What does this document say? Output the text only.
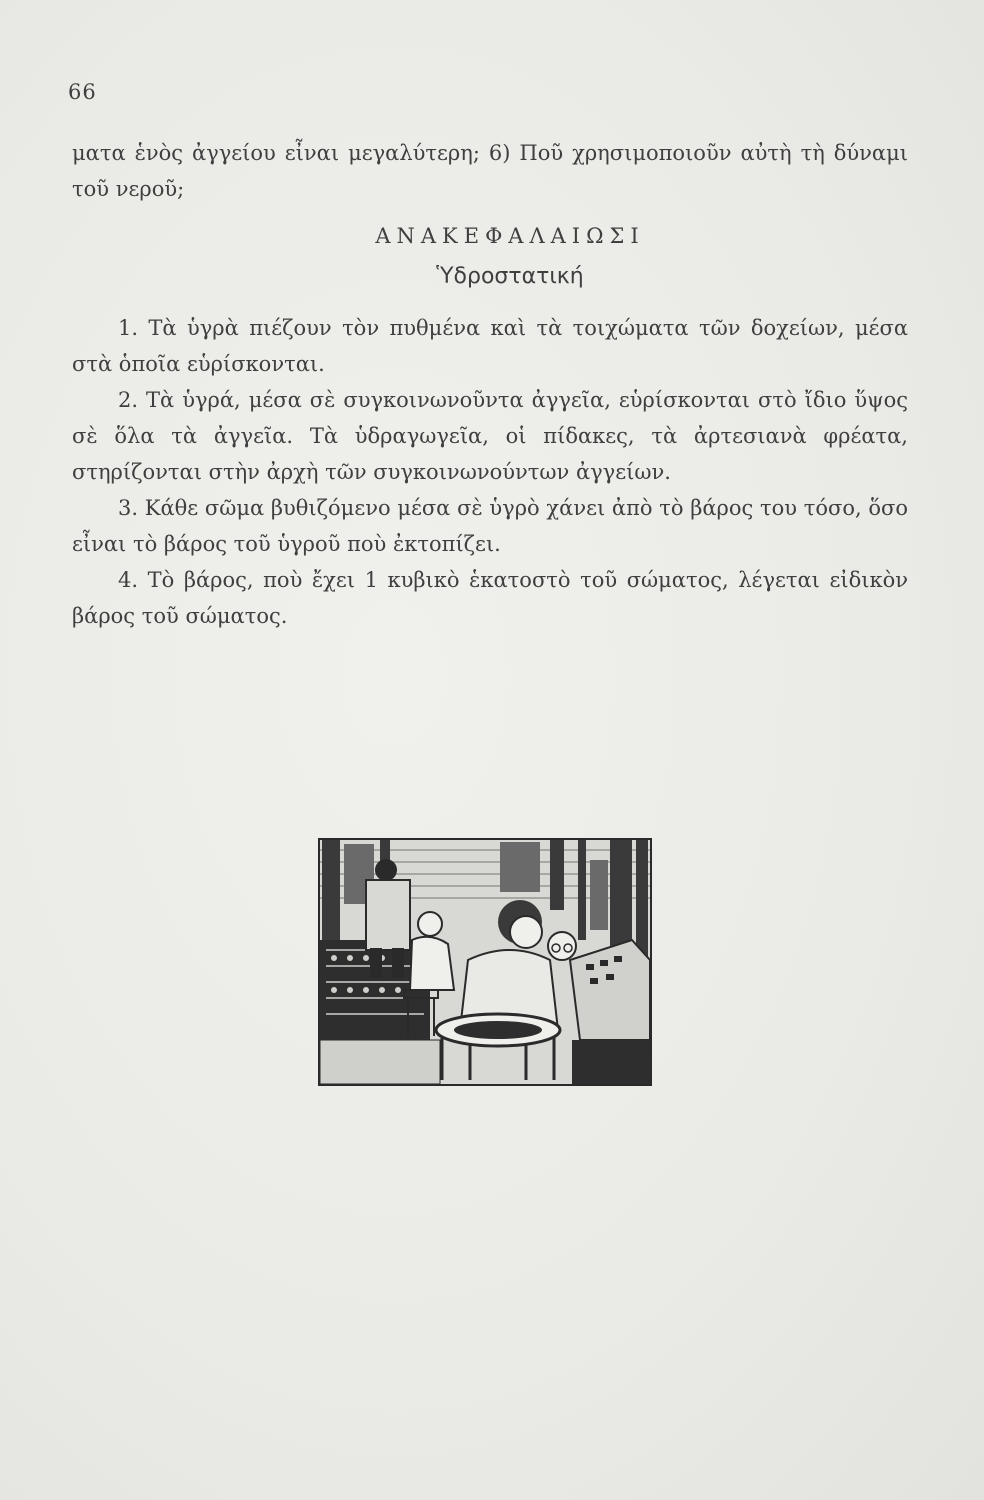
66

ματα ἑνὸς ἀγγείου εἶναι μεγαλύτερη; 6) Ποῦ χρησιμοποιοῦν αὐτὴ τὴ δύναμι τοῦ νεροῦ;

ΑΝΑΚΕΦΑΛΑΙΩΣΙ
Ὑδροστατική

1. Τὰ ὑγρὰ πιέζουν τὸν πυθμένα καὶ τὰ τοιχώματα τῶν δοχείων, μέσα στὰ ὁποῖα εὑρίσκονται.

2. Τὰ ὑγρά, μέσα σὲ συγκοινωνοῦντα ἀγγεῖα, εὑρίσκονται στὸ ἴδιο ὕψος σὲ ὅλα τὰ ἀγγεῖα. Τὰ ὑδραγωγεῖα, οἱ πίδακες, τὰ ἀρτεσιανὰ φρέατα, στηρίζονται στὴν ἀρχὴ τῶν συγκοινωνούντων ἀγγείων.

3. Κάθε σῶμα βυθιζόμενο μέσα σὲ ὑγρὸ χάνει ἀπὸ τὸ βάρος του τόσο, ὅσο εἶναι τὸ βάρος τοῦ ὑγροῦ ποὺ ἐκτοπίζει.

4. Τὸ βάρος, ποὺ ἔχει 1 κυβικὸ ἑκατοστὸ τοῦ σώματος, λέγεται εἰδικὸν βάρος τοῦ σώματος.
